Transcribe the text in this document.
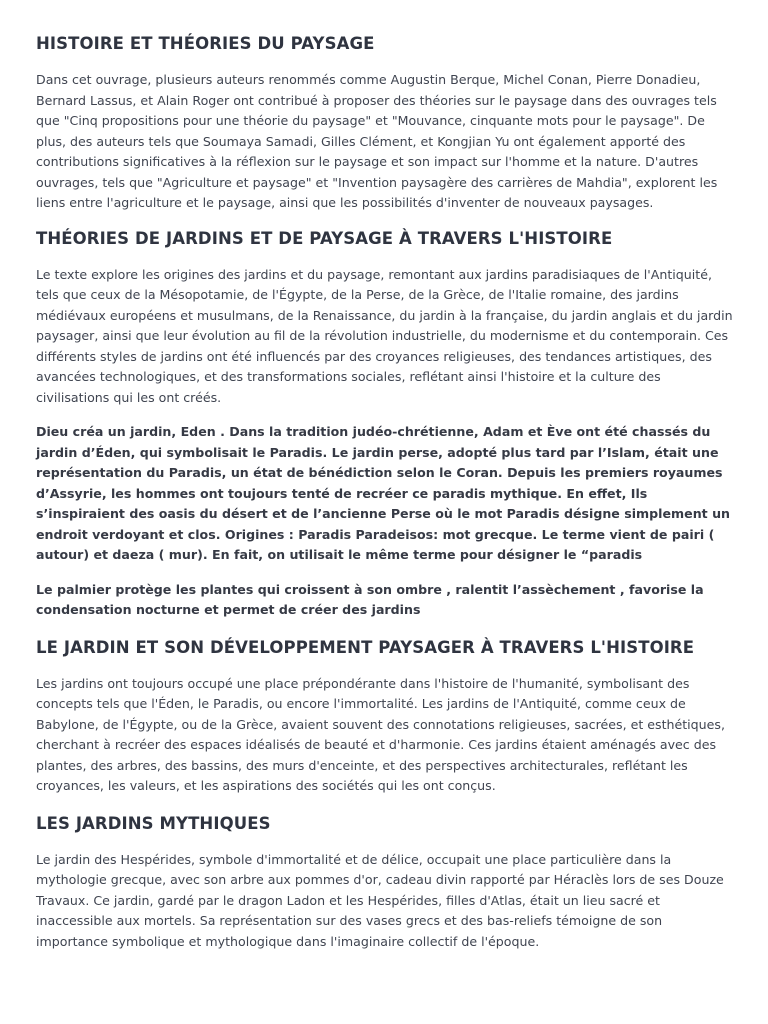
HISTOIRE ET THÉORIES DU PAYSAGE

Dans cet ouvrage, plusieurs auteurs renommés comme Augustin Berque, Michel Conan, Pierre Donadieu, Bernard Lassus, et Alain Roger ont contribué à proposer des théories sur le paysage dans des ouvrages tels que "Cinq propositions pour une théorie du paysage" et "Mouvance, cinquante mots pour le paysage". De plus, des auteurs tels que Soumaya Samadi, Gilles Clément, et Kongjian Yu ont également apporté des contributions significatives à la réflexion sur le paysage et son impact sur l'homme et la nature. D'autres ouvrages, tels que "Agriculture et paysage" et "Invention paysagère des carrières de Mahdia", explorent les liens entre l'agriculture et le paysage, ainsi que les possibilités d'inventer de nouveaux paysages.

THÉORIES DE JARDINS ET DE PAYSAGE À TRAVERS L'HISTOIRE

Le texte explore les origines des jardins et du paysage, remontant aux jardins paradisiaques de l'Antiquité, tels que ceux de la Mésopotamie, de l'Égypte, de la Perse, de la Grèce, de l'Italie romaine, des jardins médiévaux européens et musulmans, de la Renaissance, du jardin à la française, du jardin anglais et du jardin paysager, ainsi que leur évolution au fil de la révolution industrielle, du modernisme et du contemporain. Ces différents styles de jardins ont été influencés par des croyances religieuses, des tendances artistiques, des avancées technologiques, et des transformations sociales, reflétant ainsi l'histoire et la culture des civilisations qui les ont créés.

Dieu créa un jardin, Eden . Dans la tradition judéo-chrétienne, Adam et Ève ont été chassés du jardin d’Éden, qui symbolisait le Paradis. Le jardin perse, adopté plus tard par l’Islam, était une représentation du Paradis, un état de bénédiction selon le Coran. Depuis les premiers royaumes d’Assyrie, les hommes ont toujours tenté de recréer ce paradis mythique. En effet, Ils s’inspiraient des oasis du désert et de l’ancienne Perse où le mot Paradis désigne simplement un endroit verdoyant et clos. Origines : Paradis Paradeisos: mot grecque. Le terme vient de pairi ( autour) et daeza ( mur). En fait, on utilisait le même terme pour désigner le “paradis

Le palmier protège les plantes qui croissent à son ombre , ralentit l’assèchement , favorise la condensation nocturne et permet de créer des jardins

LE JARDIN ET SON DÉVELOPPEMENT PAYSAGER À TRAVERS L'HISTOIRE

Les jardins ont toujours occupé une place prépondérante dans l'histoire de l'humanité, symbolisant des concepts tels que l'Éden, le Paradis, ou encore l'immortalité. Les jardins de l'Antiquité, comme ceux de Babylone, de l'Égypte, ou de la Grèce, avaient souvent des connotations religieuses, sacrées, et esthétiques, cherchant à recréer des espaces idéalisés de beauté et d'harmonie. Ces jardins étaient aménagés avec des plantes, des arbres, des bassins, des murs d'enceinte, et des perspectives architecturales, reflétant les croyances, les valeurs, et les aspirations des sociétés qui les ont conçus.

LES JARDINS MYTHIQUES

Le jardin des Hespérides, symbole d'immortalité et de délice, occupait une place particulière dans la mythologie grecque, avec son arbre aux pommes d'or, cadeau divin rapporté par Héraclès lors de ses Douze Travaux. Ce jardin, gardé par le dragon Ladon et les Hespérides, filles d'Atlas, était un lieu sacré et inaccessible aux mortels. Sa représentation sur des vases grecs et des bas-reliefs témoigne de son importance symbolique et mythologique dans l'imaginaire collectif de l'époque.
